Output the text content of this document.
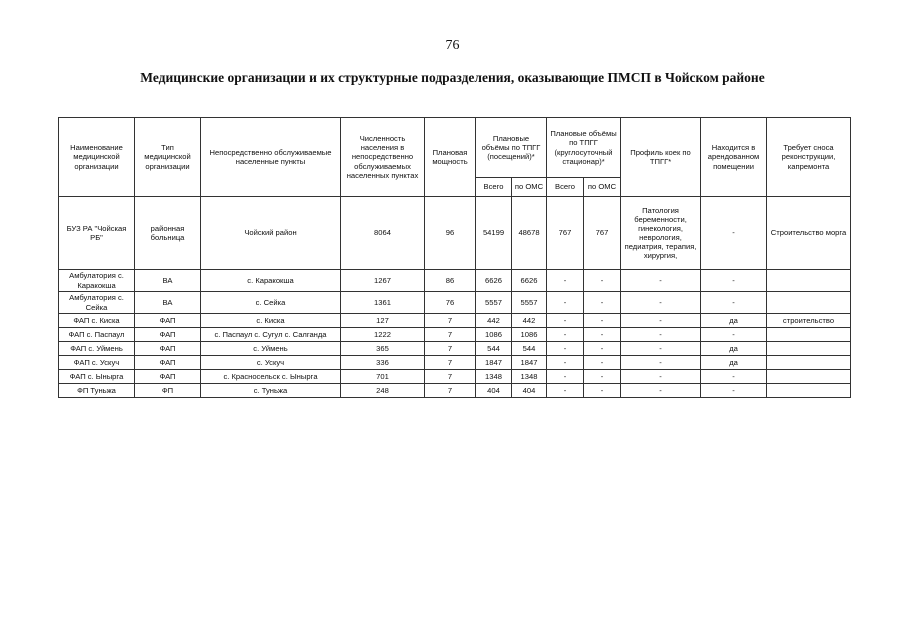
76
Медицинские организации и их структурные подразделения, оказывающие ПМСП в Чойском районе
Наименование медицинской организации	Тип медицинской организации	Непосредственно обслуживаемые населенные пункты	Численность населения в непосредственно обслуживаемых населенных пунктах	Плановая мощность	Плановые объёмы по ТПГГ (посещений)*		Плановые объёмы по ТПГГ (круглосуточный стационар)*		Профиль коек по ТПГГ*	Находится в арендованном помещении	Требует сноса реконструкции, капремонта
					Всего	по ОМС	Всего	по ОМС			
БУЗ РА "Чойская РБ"	районная больница	Чойский район	8064	96	54199	48678	767	767	Патология беременности, гинекология, неврология, педиатрия, терапия, хирургия,	-	Строительство морга
Амбулатория с. Каракокша	ВА	с. Каракокша	1267	86	6626	6626	-	-	-	-	
Амбулатория с. Сейка	ВА	с. Сейка	1361	76	5557	5557	-	-	-	-	
ФАП с. Киска	ФАП	с. Киска	127	7	442	442	-	-	-	да	строительство
ФАП с. Паспаул	ФАП	с. Паспаул с. Сугул с. Салганда	1222	7	1086	1086	-	-	-	-	
ФАП с. Уймень	ФАП	с. Уймень	365	7	544	544	-	-	-	да	
ФАП с. Ускуч	ФАП	с. Ускуч	336	7	1847	1847	-	-	-	да	
ФАП с. Ыныргa	ФАП	с. Красносельск с. Ыныргa	701	7	1348	1348	-	-	-	-	
ФП Туньжа	ФП	с. Туньжа	248	7	404	404	-	-	-	-	
